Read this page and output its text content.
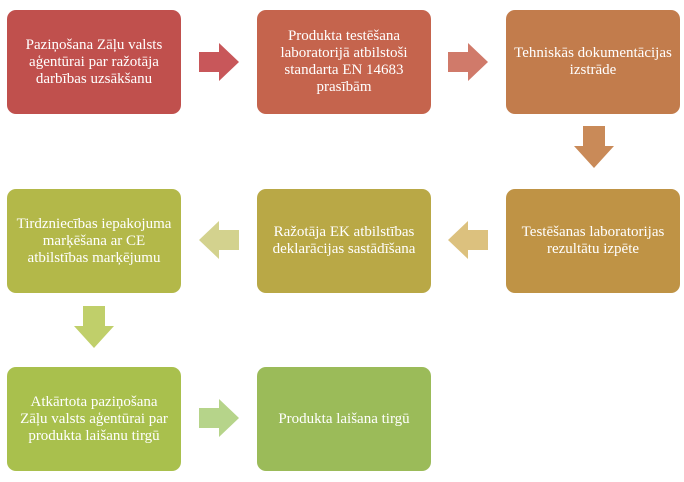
Paziņošana Zāļu valsts aģentūrai par ražotāja darbības uzsākšanu
Produkta testēšana laboratorijā atbilstoši standarta EN 14683 prasībām
Tehniskās dokumentācijas izstrāde
Testēšanas laboratorijas rezultātu izpēte
Ražotāja EK atbilstības deklarācijas sastādīšana
Tirdzniecības iepakojuma marķēšana ar CE atbilstības marķējumu
Atkārtota paziņošana Zāļu valsts aģentūrai par produkta laišanu tirgū
Produkta laišana tirgū
